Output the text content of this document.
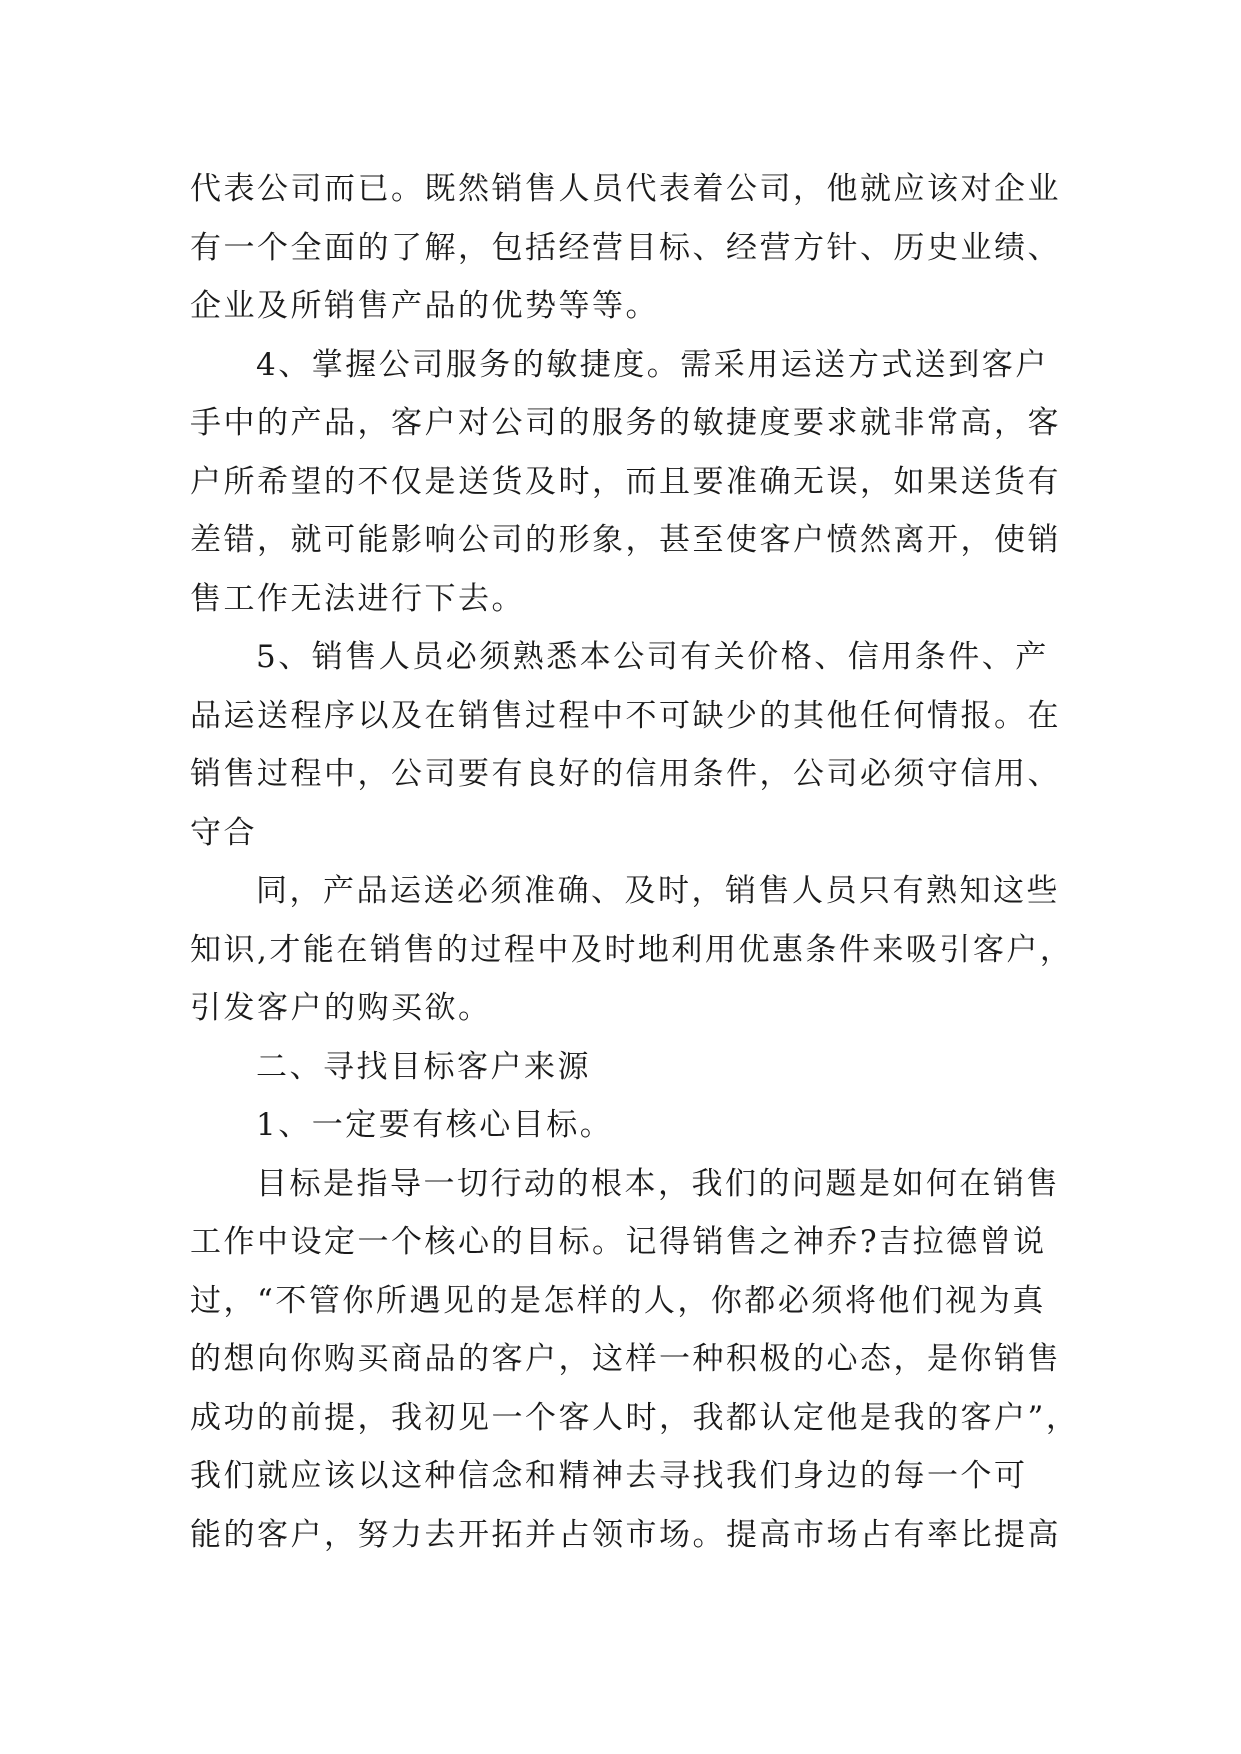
代表公司而已。既然销售人员代表着公司，他就应该对企业
有一个全面的了解，包括经营目标、经营方针、历史业绩、
企业及所销售产品的优势等等。
4、掌握公司服务的敏捷度。需采用运送方式送到客户
手中的产品，客户对公司的服务的敏捷度要求就非常高，客
户所希望的不仅是送货及时，而且要准确无误，如果送货有
差错，就可能影响公司的形象，甚至使客户愤然离开，使销
售工作无法进行下去。
5、销售人员必须熟悉本公司有关价格、信用条件、产
品运送程序以及在销售过程中不可缺少的其他任何情报。在
销售过程中，公司要有良好的信用条件，公司必须守信用、
守合
同，产品运送必须准确、及时，销售人员只有熟知这些
知识,才能在销售的过程中及时地利用优惠条件来吸引客户，
引发客户的购买欲。
二、寻找目标客户来源
1、一定要有核心目标。
目标是指导一切行动的根本，我们的问题是如何在销售
工作中设定一个核心的目标。记得销售之神乔?吉拉德曾说
过，“不管你所遇见的是怎样的人，你都必须将他们视为真
的想向你购买商品的客户，这样一种积极的心态，是你销售
成功的前提，我初见一个客人时，我都认定他是我的客户”，
我们就应该以这种信念和精神去寻找我们身边的每一个可
能的客户，努力去开拓并占领市场。提高市场占有率比提高
